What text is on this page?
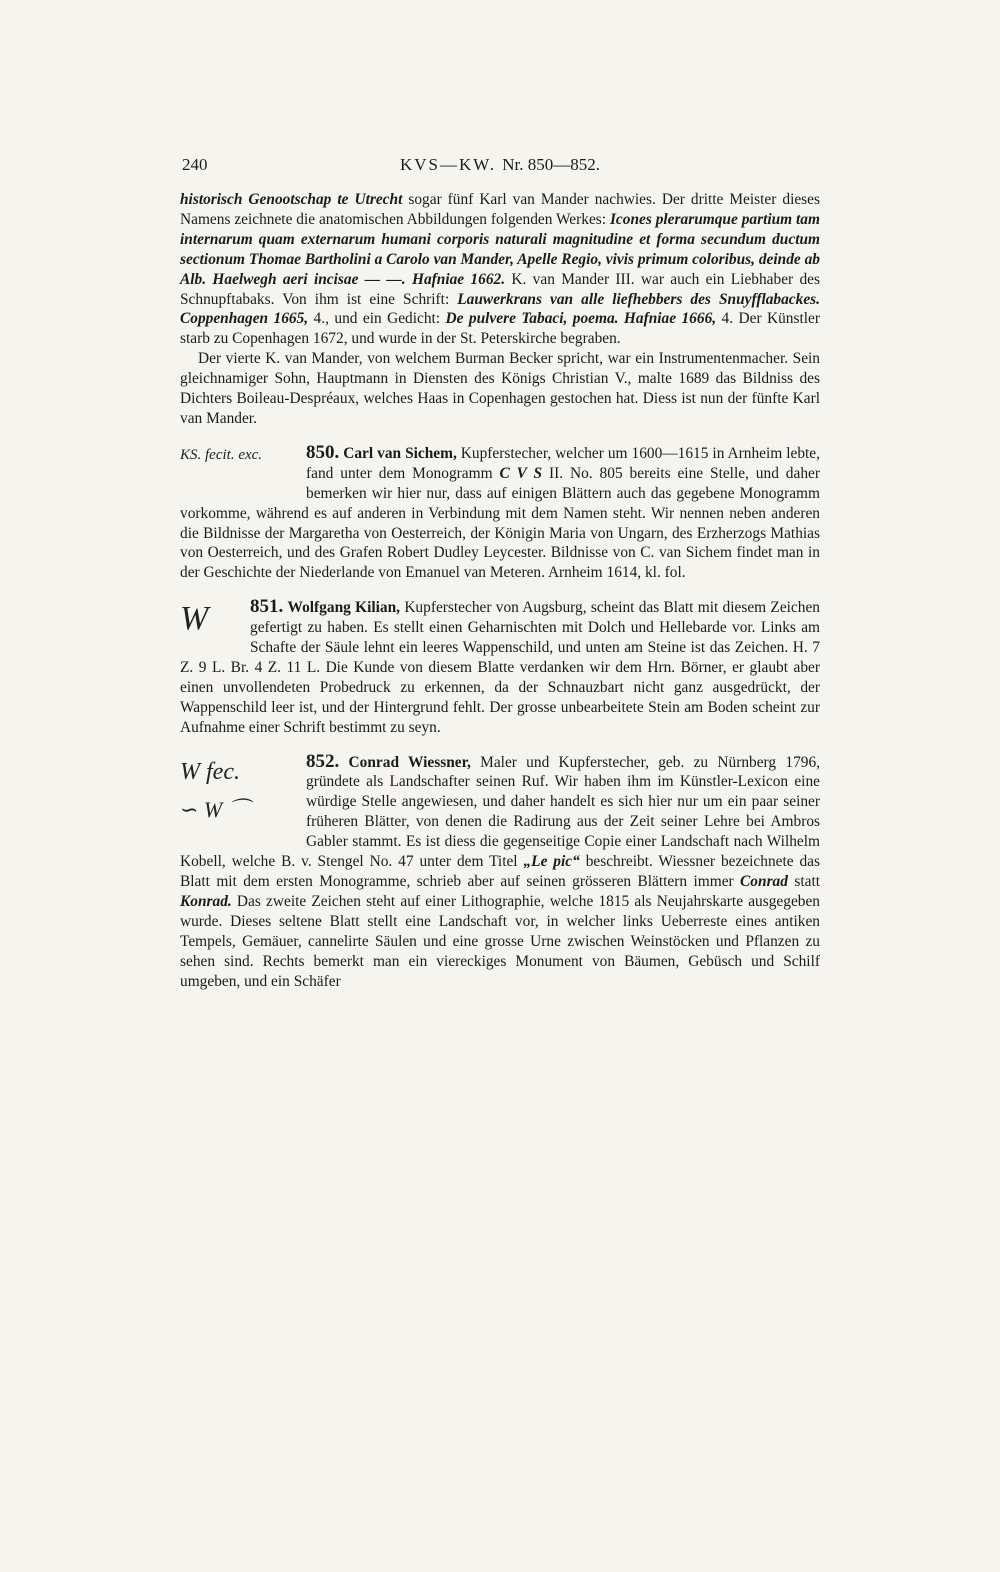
240	KVS—KW. Nr. 850—852.

historisch Genootschap te Utrecht sogar fünf Karl van Mander nachwies. Der dritte Meister dieses Namens zeichnete die anatomischen Abbildungen folgenden Werkes: Icones plerarumque partium tam internarum quam externarum humani corporis naturali magnitudine et forma secundum ductum sectionum Thomae Bartholini a Carolo van Mander, Apelle Regio, vivis primum coloribus, deinde ab Alb. Haelwegh aeri incisae — —. Hafniae 1662. K. van Mander III. war auch ein Liebhaber des Schnupftabaks. Von ihm ist eine Schrift: Lauwerkrans van alle liefhebbers des Snuyfflabackes. Coppenhagen 1665, 4., und ein Gedicht: De pulvere Tabaci, poema. Hafniae 1666, 4. Der Künstler starb zu Copenhagen 1672, und wurde in der St. Peterskirche begraben.

Der vierte K. van Mander, von welchem Burman Becker spricht, war ein Instrumentenmacher. Sein gleichnamiger Sohn, Hauptmann in Diensten des Königs Christian V., malte 1689 das Bildniss des Dichters Boileau-Despréaux, welches Haas in Copenhagen gestochen hat. Diess ist nun der fünfte Karl van Mander.

KS. fecit. exc.	850. Carl van Sichem, Kupferstecher, welcher um 1600—1615 in Arnheim lebte, fand unter dem Monogramm C V S II. No. 805 bereits eine Stelle, und daher bemerken wir hier nur, dass auf einigen Blättern auch das gegebene Monogramm vorkomme, während es auf anderen in Verbindung mit dem Namen steht. Wir nennen neben anderen die Bildnisse der Margaretha von Oesterreich, der Königin Maria von Ungarn, des Erzherzogs Mathias von Oesterreich, und des Grafen Robert Dudley Leycester. Bildnisse von C. van Sichem findet man in der Geschichte der Niederlande von Emanuel van Meteren. Arnheim 1614, kl. fol.

W	851. Wolfgang Kilian, Kupferstecher von Augsburg, scheint das Blatt mit diesem Zeichen gefertigt zu haben. Es stellt einen Geharnischten mit Dolch und Hellebarde vor. Links am Schafte der Säule lehnt ein leeres Wappenschild, und unten am Steine ist das Zeichen. H. 7 Z. 9 L. Br. 4 Z. 11 L. Die Kunde von diesem Blatte verdanken wir dem Hrn. Börner, er glaubt aber einen unvollendeten Probedruck zu erkennen, da der Schnauzbart nicht ganz ausgedrückt, der Wappenschild leer ist, und der Hintergrund fehlt. Der grosse unbearbeitete Stein am Boden scheint zur Aufnahme einer Schrift bestimmt zu seyn.

W fec.
∽ W ⌒

852. Conrad Wiessner, Maler und Kupferstecher, geb. zu Nürnberg 1796, gründete als Landschafter seinen Ruf. Wir haben ihm im Künstler-Lexicon eine würdige Stelle angewiesen, und daher handelt es sich hier nur um ein paar seiner früheren Blätter, von denen die Radirung aus der Zeit seiner Lehre bei Ambros Gabler stammt. Es ist diess die gegenseitige Copie einer Landschaft nach Wilhelm Kobell, welche B. v. Stengel No. 47 unter dem Titel „Le pic“ beschreibt. Wiessner bezeichnete das Blatt mit dem ersten Monogramme, schrieb aber auf seinen grösseren Blättern immer Conrad statt Konrad. Das zweite Zeichen steht auf einer Lithographie, welche 1815 als Neujahrskarte ausgegeben wurde. Dieses seltene Blatt stellt eine Landschaft vor, in welcher links Ueberreste eines antiken Tempels, Gemäuer, cannelirte Säulen und eine grosse Urne zwischen Weinstöcken und Pflanzen zu sehen sind. Rechts bemerkt man ein viereckiges Monument von Bäumen, Gebüsch und Schilf umgeben, und ein Schäfer
